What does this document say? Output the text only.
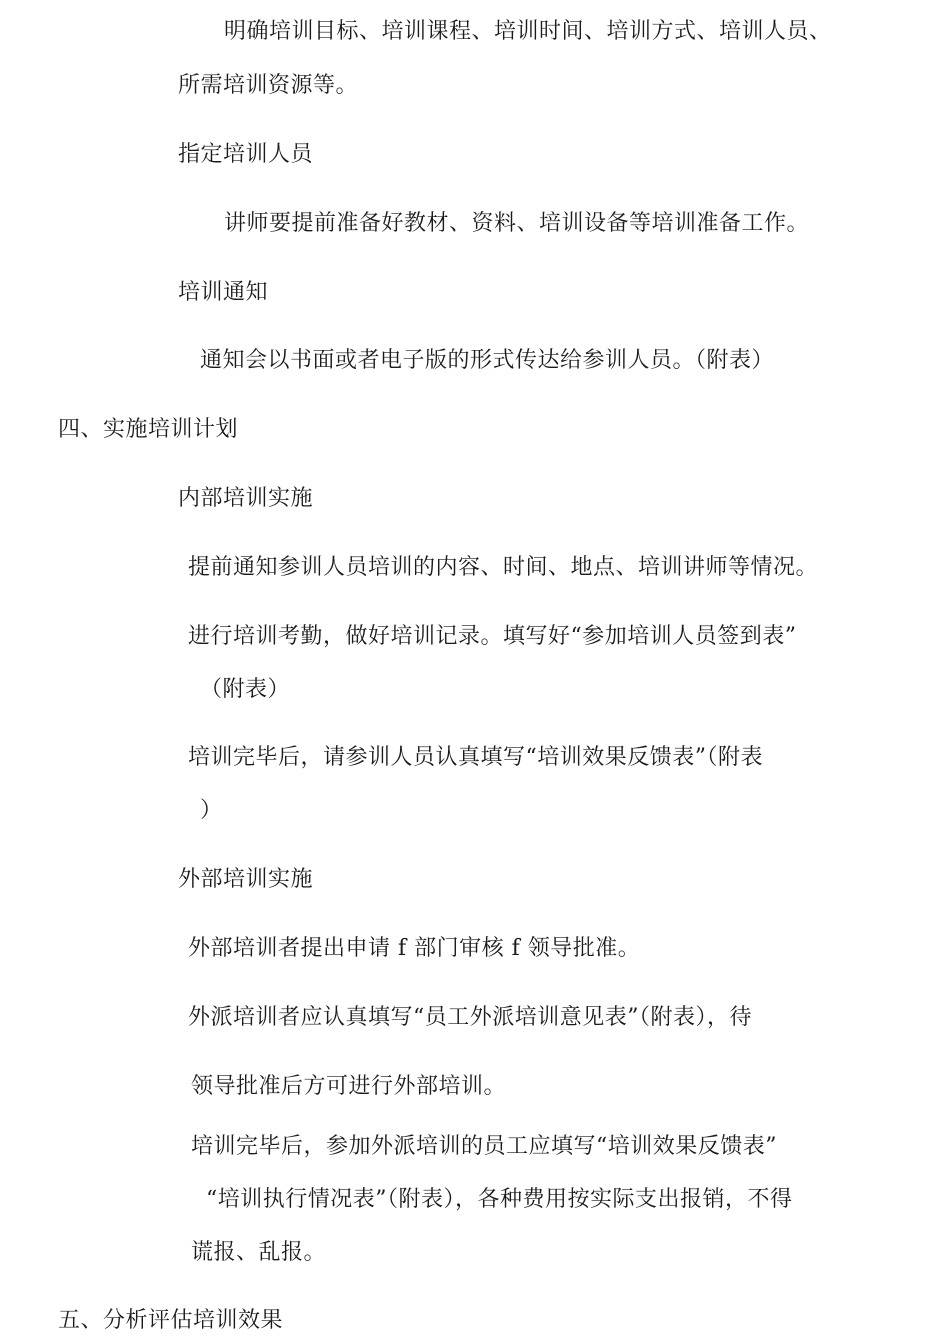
明确培训目标、培训课程、培训时间、培训方式、培训人员、
所需培训资源等。
指定培训人员
讲师要提前准备好教材、资料、培训设备等培训准备工作。
培训通知
通知会以书面或者电子版的形式传达给参训人员。（附表）
四、实施培训计划
内部培训实施
提前通知参训人员培训的内容、时间、地点、培训讲师等情况。
进行培训考勤，做好培训记录。填写好“参加培训人员签到表”
（附表）
培训完毕后，请参训人员认真填写“培训效果反馈表”（附表
）
外部培训实施
外部培训者提出申请 f 部门审核 f 领导批准。
外派培训者应认真填写“员工外派培训意见表”（附表），待
领导批准后方可进行外部培训。
培训完毕后，参加外派培训的员工应填写“培训效果反馈表”
“培训执行情况表”（附表），各种费用按实际支出报销，不得
谎报、乱报。
五、分析评估培训效果
